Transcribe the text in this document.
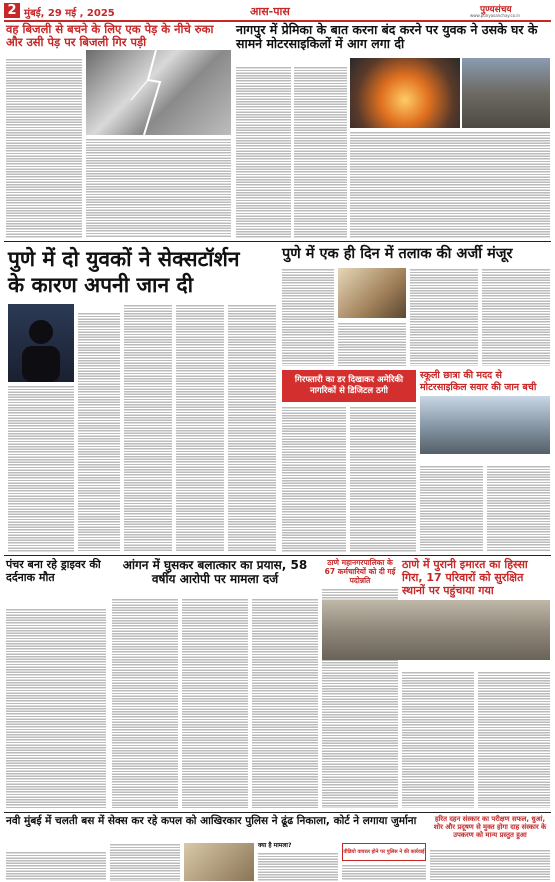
2 मुंबई, 29 मई , 2025	आस-पास	पुण्यसंचय
www.punyasanchay.co.in
वह बिजली से बचने के लिए एक पेड़ के नीचे रुका और उसी पेड़ पर बिजली गिर पड़ी
नागपुर में प्रेमिका के बात करना बंद करने पर युवक ने उसके घर के सामने मोटरसाइकिलों में आग लगा दी
पुणे में दो युवकों ने सेक्सटॉर्शन के कारण अपनी जान दी
पुणे में एक ही दिन में तलाक की अर्जी मंजूर
गिरफ्तारी का डर दिखाकर अमेरिकी नागरिकों से डिजिटल ठगी
स्कूली छात्रा की मदद से मोटरसाइकिल सवार की जान बची
पंचर बना रहे ड्राइवर की दर्दनाक मौत
आंगन में घुसकर बलात्कार का प्रयास, 58 वर्षीय आरोपी पर मामला दर्ज
ठाणे महानगरपालिका के 67 कर्मचारियों को दी गई पदोन्नति
ठाणे में पुरानी इमारत का हिस्सा गिरा, 17 परिवारों को सुरक्षित स्थानों पर पहुंचाया गया
नवी मुंबई में चलती बस में सेक्स कर रहे कपल को आखिरकार पुलिस ने ढूंढ निकाला, कोर्ट ने लगाया जुर्माना
क्या है मामला?
वीडियो वायरल होने पर पुलिस ने की कार्रवाई
हरित दहन संस्कार का परीक्षण सफल, धुआं, शोर और प्रदूषण से मुक्त होगा दाह संस्कार के उपकरण को मान्य प्रस्तुत हुआ
